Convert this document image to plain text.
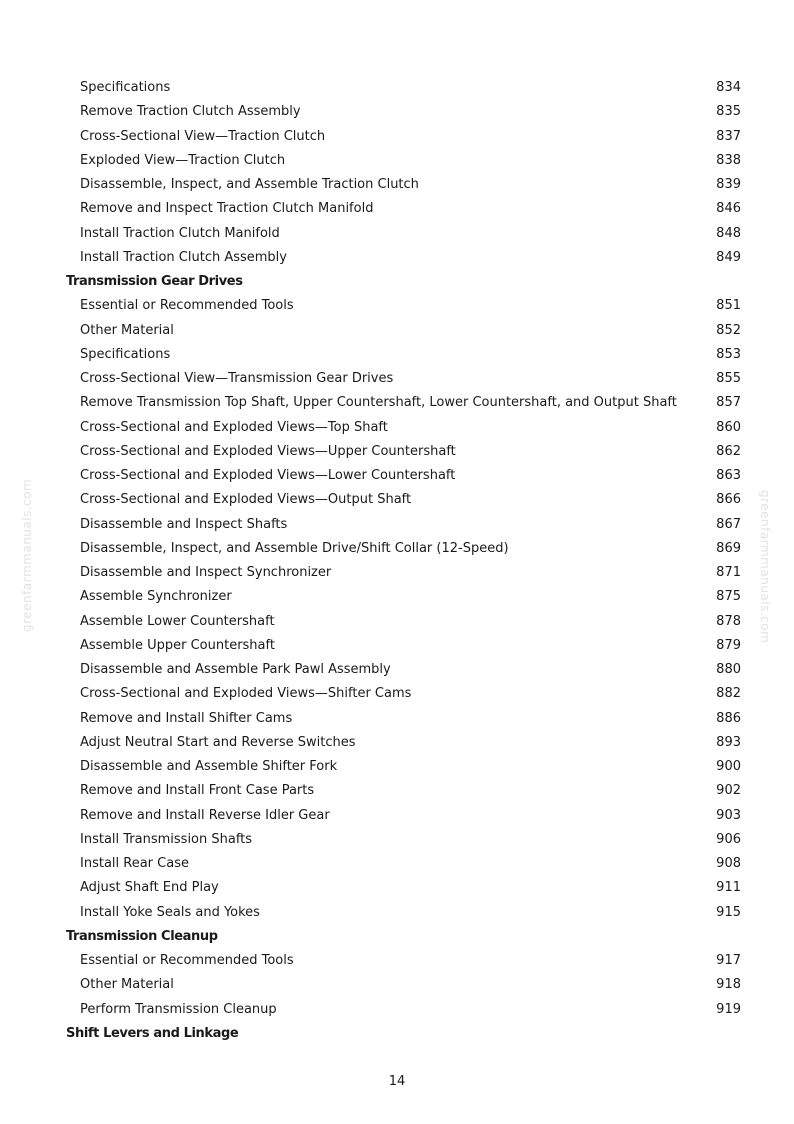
Specifications	834
Remove Traction Clutch Assembly	835
Cross-Sectional View—Traction Clutch	837
Exploded View—Traction Clutch	838
Disassemble, Inspect, and Assemble Traction Clutch	839
Remove and Inspect Traction Clutch Manifold	846
Install Traction Clutch Manifold	848
Install Traction Clutch Assembly	849
Transmission Gear Drives
Essential or Recommended Tools	851
Other Material	852
Specifications	853
Cross-Sectional View—Transmission Gear Drives	855
Remove Transmission Top Shaft, Upper Countershaft, Lower Countershaft, and Output Shaft	857
Cross-Sectional and Exploded Views—Top Shaft	860
Cross-Sectional and Exploded Views—Upper Countershaft	862
Cross-Sectional and Exploded Views—Lower Countershaft	863
Cross-Sectional and Exploded Views—Output Shaft	866
Disassemble and Inspect Shafts	867
Disassemble, Inspect, and Assemble Drive/Shift Collar (12-Speed)	869
Disassemble and Inspect Synchronizer	871
Assemble Synchronizer	875
Assemble Lower Countershaft	878
Assemble Upper Countershaft	879
Disassemble and Assemble Park Pawl Assembly	880
Cross-Sectional and Exploded Views—Shifter Cams	882
Remove and Install Shifter Cams	886
Adjust Neutral Start and Reverse Switches	893
Disassemble and Assemble Shifter Fork	900
Remove and Install Front Case Parts	902
Remove and Install Reverse Idler Gear	903
Install Transmission Shafts	906
Install Rear Case	908
Adjust Shaft End Play	911
Install Yoke Seals and Yokes	915
Transmission Cleanup
Essential or Recommended Tools	917
Other Material	918
Perform Transmission Cleanup	919
Shift Levers and Linkage
14
greenfarmmanuals.com	greenfarmmanuals.com
